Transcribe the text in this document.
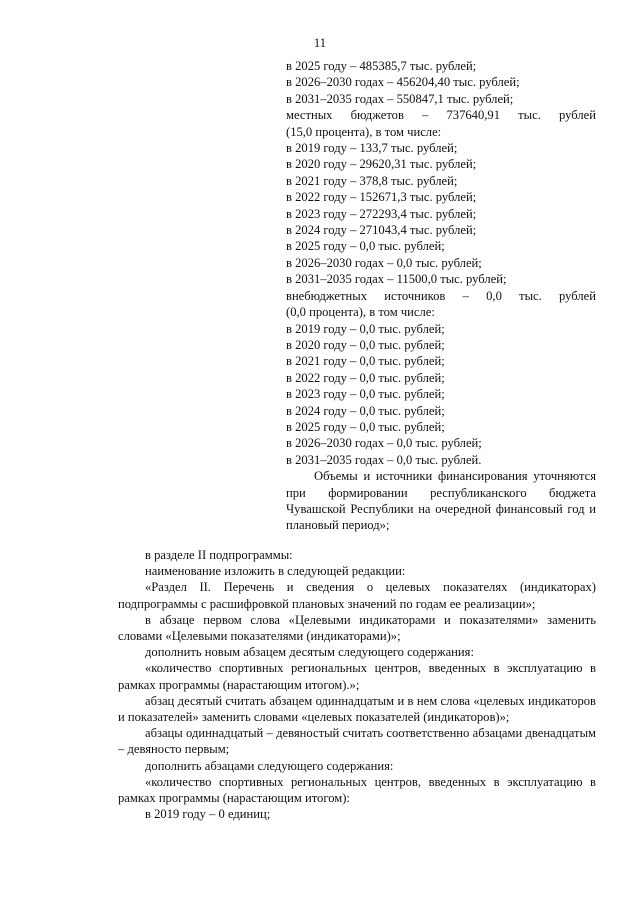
11
в 2025 году – 485385,7 тыс. рублей;
в 2026–2030 годах – 456204,40 тыс. рублей;
в 2031–2035 годах – 550847,1 тыс. рублей;
местных бюджетов – 737640,91 тыс. рублей
(15,0 процента), в том числе:
в 2019 году – 133,7 тыс. рублей;
в 2020 году – 29620,31 тыс. рублей;
в 2021 году – 378,8 тыс. рублей;
в 2022 году – 152671,3 тыс. рублей;
в 2023 году – 272293,4 тыс. рублей;
в 2024 году – 271043,4 тыс. рублей;
в 2025 году – 0,0 тыс. рублей;
в 2026–2030 годах – 0,0 тыс. рублей;
в 2031–2035 годах – 11500,0 тыс. рублей;
внебюджетных источников – 0,0 тыс. рублей
(0,0 процента), в том числе:
в 2019 году – 0,0 тыс. рублей;
в 2020 году – 0,0 тыс. рублей;
в 2021 году – 0,0 тыс. рублей;
в 2022 году – 0,0 тыс. рублей;
в 2023 году – 0,0 тыс. рублей;
в 2024 году – 0,0 тыс. рублей;
в 2025 году – 0,0 тыс. рублей;
в 2026–2030 годах – 0,0 тыс. рублей;
в 2031–2035 годах – 0,0 тыс. рублей.
Объемы и источники финансирования уточняются при формировании республиканского бюджета Чувашской Республики на очередной финансовый год и плановый период»;
в разделе II подпрограммы:
наименование изложить в следующей редакции:
«Раздел II. Перечень и сведения о целевых показателях (индикаторах) подпрограммы с расшифровкой плановых значений по годам ее реализации»;
в абзаце первом слова «Целевыми индикаторами и показателями» заменить словами «Целевыми показателями (индикаторами)»;
дополнить новым абзацем десятым следующего содержания:
«количество спортивных региональных центров, введенных в эксплуатацию в рамках программы (нарастающим итогом).»;
абзац десятый считать абзацем одиннадцатым и в нем слова «целевых индикаторов и показателей» заменить словами «целевых показателей (индикаторов)»;
абзацы одиннадцатый – девяностый считать соответственно абзацами двенадцатым – девяносто первым;
дополнить абзацами следующего содержания:
«количество спортивных региональных центров, введенных в эксплуатацию в рамках программы (нарастающим итогом):
в 2019 году – 0 единиц;
